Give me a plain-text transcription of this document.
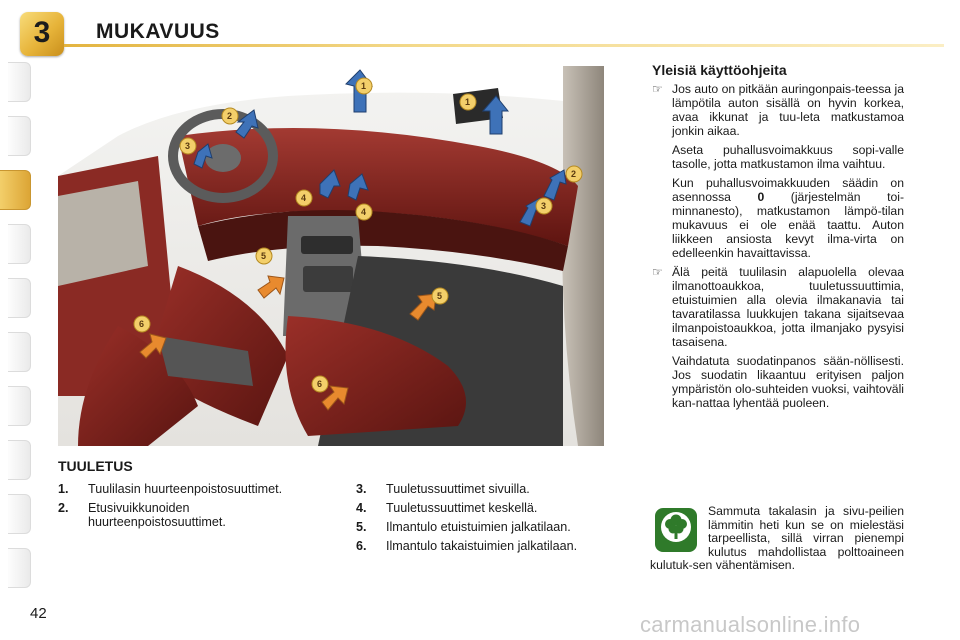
3	MUKAVUUS
1
1
2
2
3
3
4
4
5
5
6
6
Yleisiä käyttöohjeita
☞ Jos auto on pitkään auringonpais-teessa ja lämpötila auton sisällä on hyvin korkea, avaa ikkunat ja tuu-leta matkustamoa jonkin aikaa.
Aseta puhallusvoimakkuus sopi-valle tasolle, jotta matkustamon ilma vaihtuu.
Kun puhallusvoimakkuuden säädin on asennossa 0 (järjestelmän toi-minnanesto), matkustamon lämpö-tilan mukavuus ei ole enää taattu. Auton liikkeen ansiosta kevyt ilma-virta on edelleenkin havaittavissa.
☞ Älä peitä tuulilasin alapuolella olevaa ilmanottoaukkoa, tuuletussuuttimia, etuistuimien alla olevia ilmakanavia tai tavaratilassa luukkujen takana sijaitsevaa ilmanpoistoaukkoa, jotta ilmanjako pysyisi tasaisena.
Vaihdatuta suodatinpanos sään-nöllisesti. Jos suodatin likaantuu erityisen paljon ympäristön olo-suhteiden vuoksi, vaihtoväli kan-nattaa lyhentää puoleen.
TUULETUS
1. Tuulilasin huurteenpoistosuuttimet.
2. Etusivuikkunoiden huurteenpoistosuuttimet.
3. Tuuletussuuttimet sivuilla.
4. Tuuletussuuttimet keskellä.
5. Ilmantulo etuistuimien jalkatilaan.
6. Ilmantulo takaistuimien jalkatilaan.
Sammuta takalasin ja sivu-peilien lämmitin heti kun se on mielestäsi tarpeellista, sillä virran pienempi kulutus mahdollistaa polttoaineen kulutuk-sen vähentämisen.
42	carmanualsonline.info
